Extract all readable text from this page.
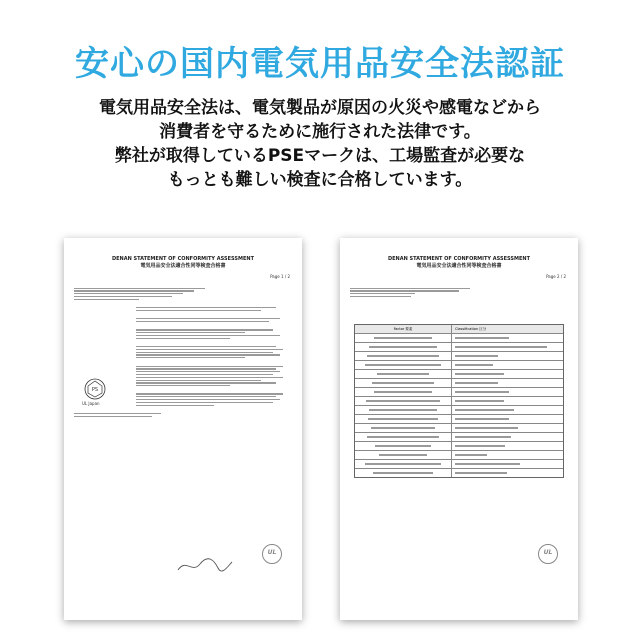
安心の国内電気用品安全法認証
電気用品安全法は、電気製品が原因の火災や感電などから
消費者を守るために施行された法律です。
弊社が取得しているPSEマークは、工場監査が必要な
もっとも難しい検査に合格しています。
DENAN STATEMENT OF CONFORMITY ASSESSMENT
電気用品安全法適合性同等検査合格書
Page 1 / 2
PS
UL Japan
UL
DENAN STATEMENT OF CONFORMITY ASSESSMENT
電気用品安全法適合性同等検査合格書
Page 2 / 2
Factor 要素	Classification 区分
UL
